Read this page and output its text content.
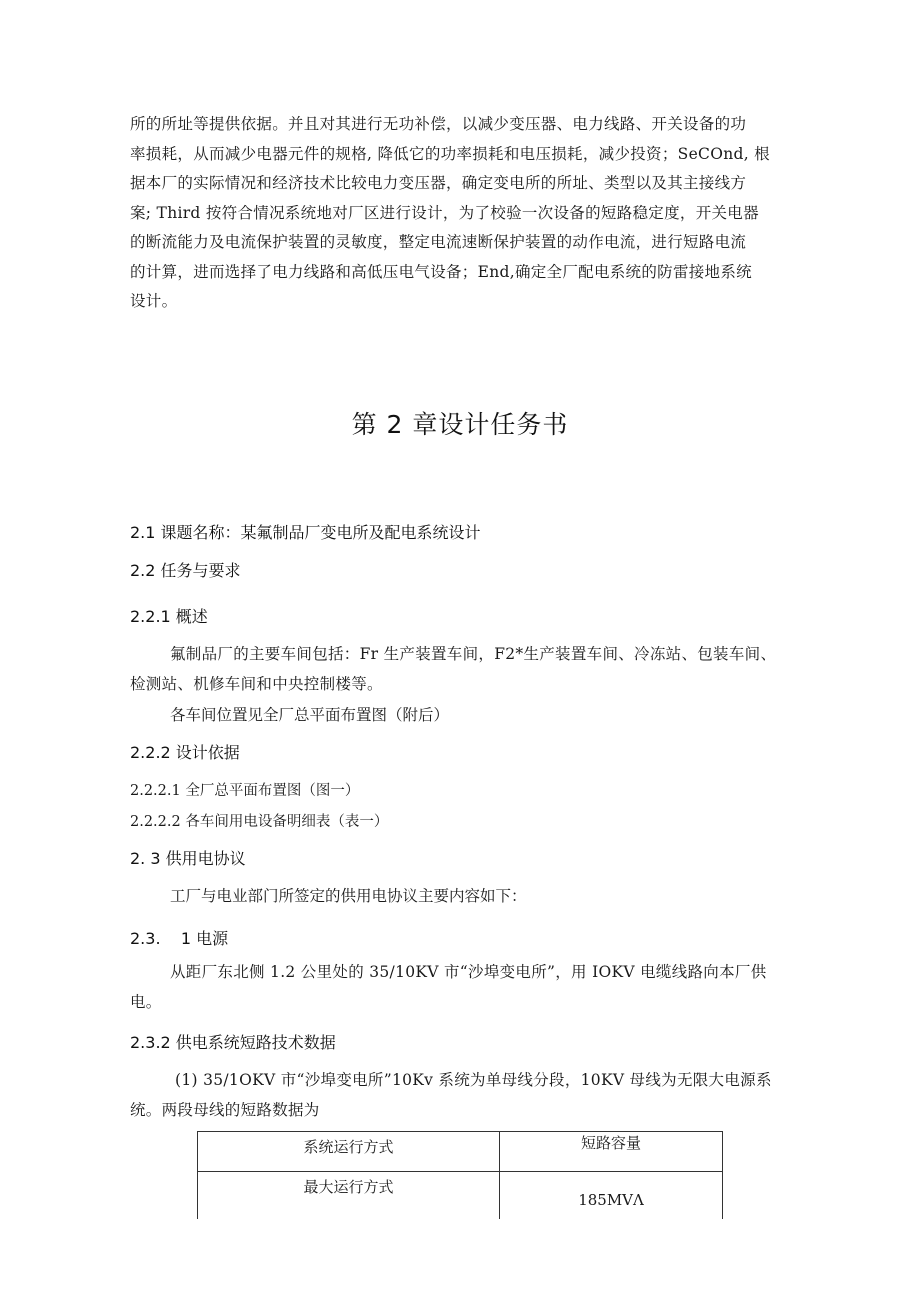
所的所址等提供依据。并且对其进行无功补偿，以减少变压器、电力线路、开关设备的功
率损耗，从而减少电器元件的规格, 降低它的功率损耗和电压损耗，减少投资；SeCOnd, 根
据本厂的实际情况和经济技术比较电力变压器，确定变电所的所址、类型以及其主接线方
案; Third 按符合情况系统地对厂区进行设计，为了校验一次设备的短路稳定度，开关电器
的断流能力及电流保护装置的灵敏度，整定电流速断保护装置的动作电流，进行短路电流
的计算，进而选择了电力线路和高低压电气设备；End,确定全厂配电系统的防雷接地系统
设计。
第 2 章设计任务书
2.1 课题名称：某氟制品厂变电所及配电系统设计
2.2 任务与要求
2.2.1 概述
氟制品厂的主要车间包括：Fr 生产装置车间，F2*生产装置车间、冷冻站、包装车间、
检测站、机修车间和中央控制楼等。
各车间位置见全厂总平面布置图（附后）
2.2.2 设计依据
2.2.2.1 全厂总平面布置图（图一）
2.2.2.2 各车间用电设备明细表（表一）
2. 3 供用电协议
工厂与电业部门所签定的供用电协议主要内容如下：
2.3.    1 电源
从距厂东北侧 1.2 公里处的 35/10KV 市“沙埠变电所”，用 IOKV 电缆线路向本厂供
电。
2.3.2 供电系统短路技术数据
(1) 35/1OKV 市“沙埠变电所”10Kv 系统为单母线分段，10KV 母线为无限大电源系
统。两段母线的短路数据为
系统运行方式	短路容量
最大运行方式	185MVΛ
